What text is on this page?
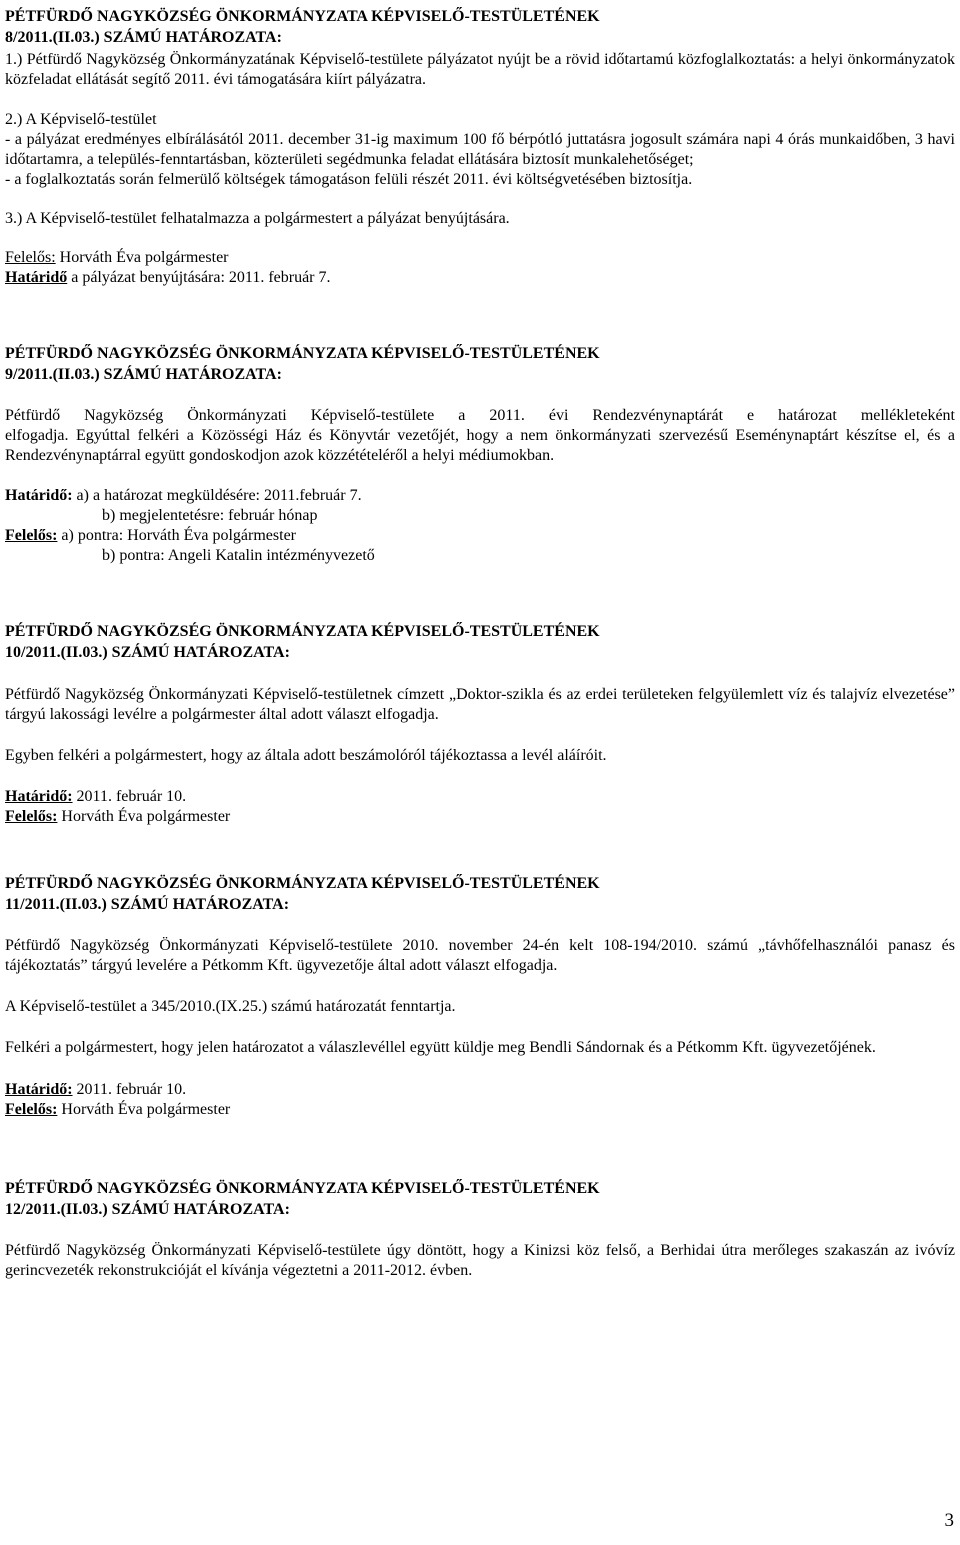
PÉTFÜRDŐ NAGYKÖZSÉG ÖNKORMÁNYZATA KÉPVISELŐ-TESTÜLETÉNEK

8/2011.(II.03.) SZÁMÚ HATÁROZATA:

1.) Pétfürdő Nagyközség Önkormányzatának Képviselő-testülete pályázatot nyújt be a rövid időtartamú közfoglalkoztatás: a helyi önkormányzatok közfeladat ellátását segítő 2011. évi támogatására kiírt pályázatra.

2.) A Képviselő-testület

- a pályázat eredményes elbírálásától 2011. december 31-ig maximum 100 fő bérpótló juttatásra jogosult számára napi 4 órás munkaidőben, 3 havi időtartamra, a település-fenntartásban, közterületi segédmunka feladat ellátására biztosít munkalehetőséget;

- a foglalkoztatás során felmerülő költségek támogatáson felüli részét 2011. évi költségvetésében biztosítja.

3.) A Képviselő-testület felhatalmazza a polgármestert a pályázat benyújtására.

Felelős: Horváth Éva polgármester

Határidő a pályázat benyújtására: 2011. február 7.

PÉTFÜRDŐ NAGYKÖZSÉG ÖNKORMÁNYZATA KÉPVISELŐ-TESTÜLETÉNEK

9/2011.(II.03.) SZÁMÚ HATÁROZATA:

Pétfürdő Nagyközség Önkormányzati Képviselő-testülete a 2011. évi Rendezvénynaptárát e határozat mellékleteként

elfogadja. Egyúttal felkéri a Közösségi Ház és Könyvtár vezetőjét, hogy a nem önkormányzati szervezésű Eseménynaptárt készítse el, és a Rendezvénynaptárral együtt gondoskodjon azok közzétételéről a helyi médiumokban.

Határidő: a) a határozat megküldésére: 2011.február 7.

b) megjelentetésre: február hónap

Felelős: a) pontra: Horváth Éva polgármester

b) pontra: Angeli Katalin intézményvezető

PÉTFÜRDŐ NAGYKÖZSÉG ÖNKORMÁNYZATA KÉPVISELŐ-TESTÜLETÉNEK

10/2011.(II.03.) SZÁMÚ HATÁROZATA:

Pétfürdő Nagyközség Önkormányzati Képviselő-testületnek címzett „Doktor-szikla és az erdei területeken felgyülemlett víz és talajvíz elvezetése” tárgyú lakossági levélre a polgármester által adott választ elfogadja.

Egyben felkéri a polgármestert, hogy az általa adott beszámolóról tájékoztassa a levél aláíróit.

Határidő: 2011. február 10.

Felelős: Horváth Éva polgármester

PÉTFÜRDŐ NAGYKÖZSÉG ÖNKORMÁNYZATA KÉPVISELŐ-TESTÜLETÉNEK

11/2011.(II.03.) SZÁMÚ HATÁROZATA:

Pétfürdő Nagyközség Önkormányzati Képviselő-testülete 2010. november 24-én kelt 108-194/2010. számú „távhőfelhasználói panasz és tájékoztatás” tárgyú levelére a Pétkomm Kft. ügyvezetője által adott választ elfogadja.

A Képviselő-testület a 345/2010.(IX.25.) számú határozatát fenntartja.

Felkéri a polgármestert, hogy jelen határozatot a válaszlevéllel együtt küldje meg Bendli Sándornak és a Pétkomm Kft. ügyvezetőjének.

Határidő: 2011. február 10.

Felelős: Horváth Éva polgármester

PÉTFÜRDŐ NAGYKÖZSÉG ÖNKORMÁNYZATA KÉPVISELŐ-TESTÜLETÉNEK

12/2011.(II.03.) SZÁMÚ HATÁROZATA:

Pétfürdő Nagyközség Önkormányzati Képviselő-testülete úgy döntött, hogy a Kinizsi köz felső, a Berhidai útra merőleges szakaszán az ivóvíz gerincvezeték rekonstrukcióját el kívánja végeztetni a 2011-2012. évben.

3
